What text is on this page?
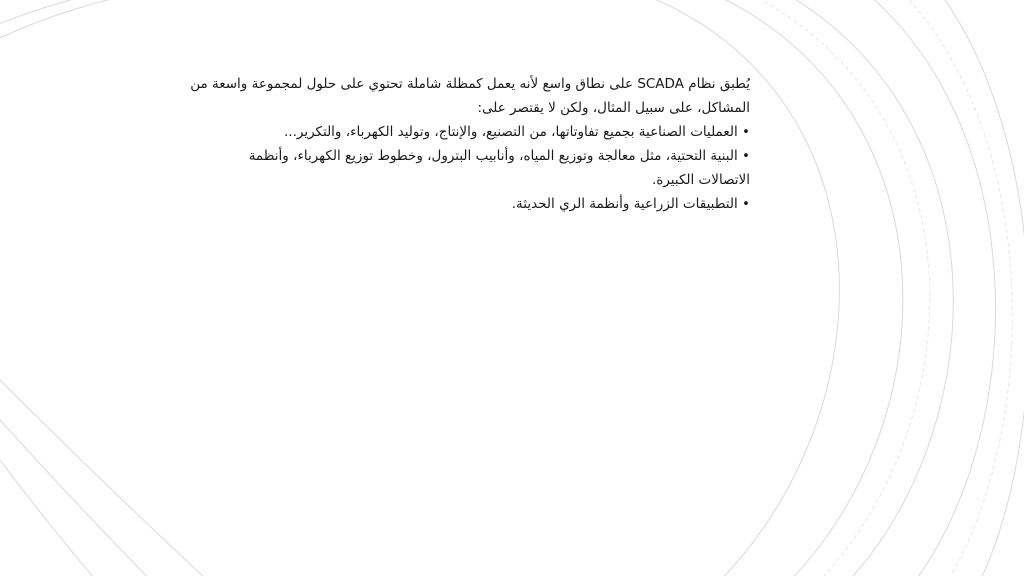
يُطبق نظام SCADA على نطاق واسع لأنه يعمل كمظلة شاملة تحتوي على حلول لمجموعة واسعة من
المشاكل، على سبيل المثال، ولكن لا يقتصر على:
• العمليات الصناعية بجميع تفاوتاتها، من التصنيع، والإنتاج، وتوليد الكهرباء، والتكرير...
• البنية التحتية، مثل معالجة وتوزيع المياه، وأنابيب البترول، وخطوط توزيع الكهرباء، وأنظمة
الاتصالات الكبيرة.
• التطبيقات الزراعية وأنظمة الري الحديثة.
